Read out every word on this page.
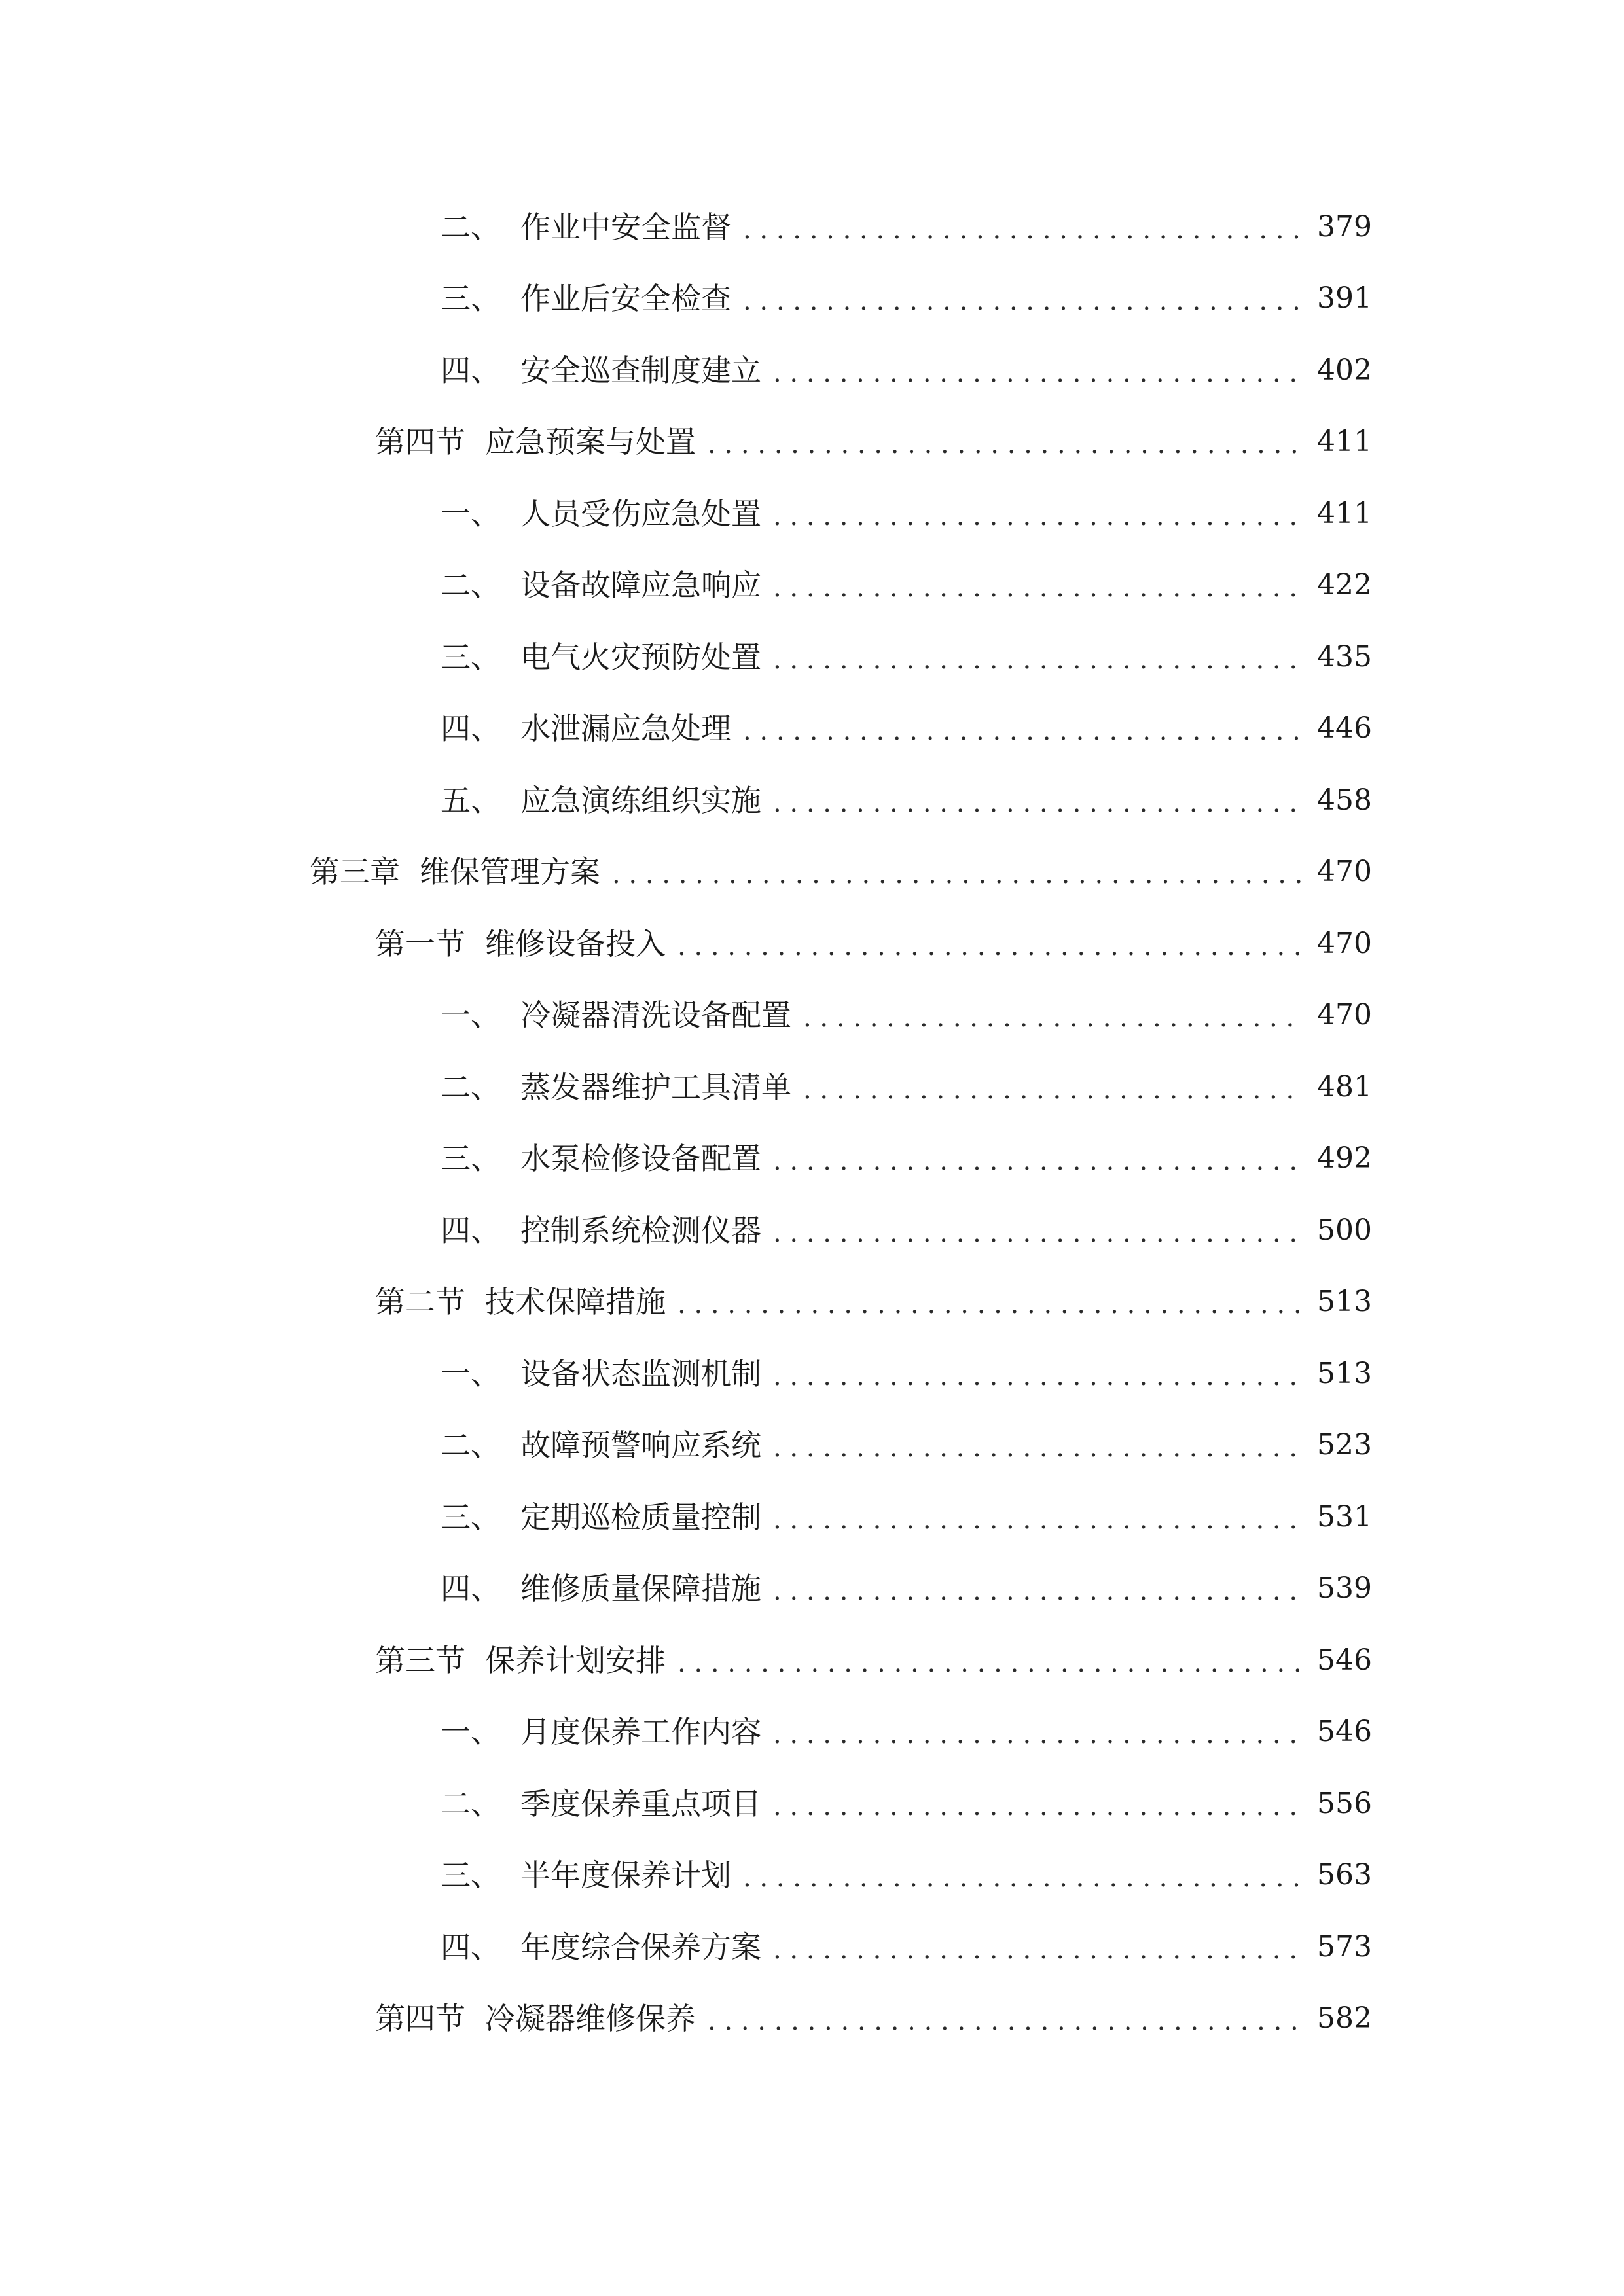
二、 作业中安全监督 . . .	379
三、 作业后安全检查 . . .	391
四、 安全巡查制度建立 . . .	402
第四节 应急预案与处置 . . .	411
一、 人员受伤应急处置 . . .	411
二、 设备故障应急响应 . . .	422
三、 电气火灾预防处置 . . .	435
四、 水泄漏应急处理 . . .	446
五、 应急演练组织实施 . . .	458
第三章 维保管理方案 . . .	470
第一节 维修设备投入 . . .	470
一、 冷凝器清洗设备配置 . . .	470
二、 蒸发器维护工具清单 . . .	481
三、 水泵检修设备配置 . . .	492
四、 控制系统检测仪器 . . .	500
第二节 技术保障措施 . . .	513
一、 设备状态监测机制 . . .	513
二、 故障预警响应系统 . . .	523
三、 定期巡检质量控制 . . .	531
四、 维修质量保障措施 . . .	539
第三节 保养计划安排 . . .	546
一、 月度保养工作内容 . . .	546
二、 季度保养重点项目 . . .	556
三、 半年度保养计划 . . .	563
四、 年度综合保养方案 . . .	573
第四节 冷凝器维修保养 . . .	582
